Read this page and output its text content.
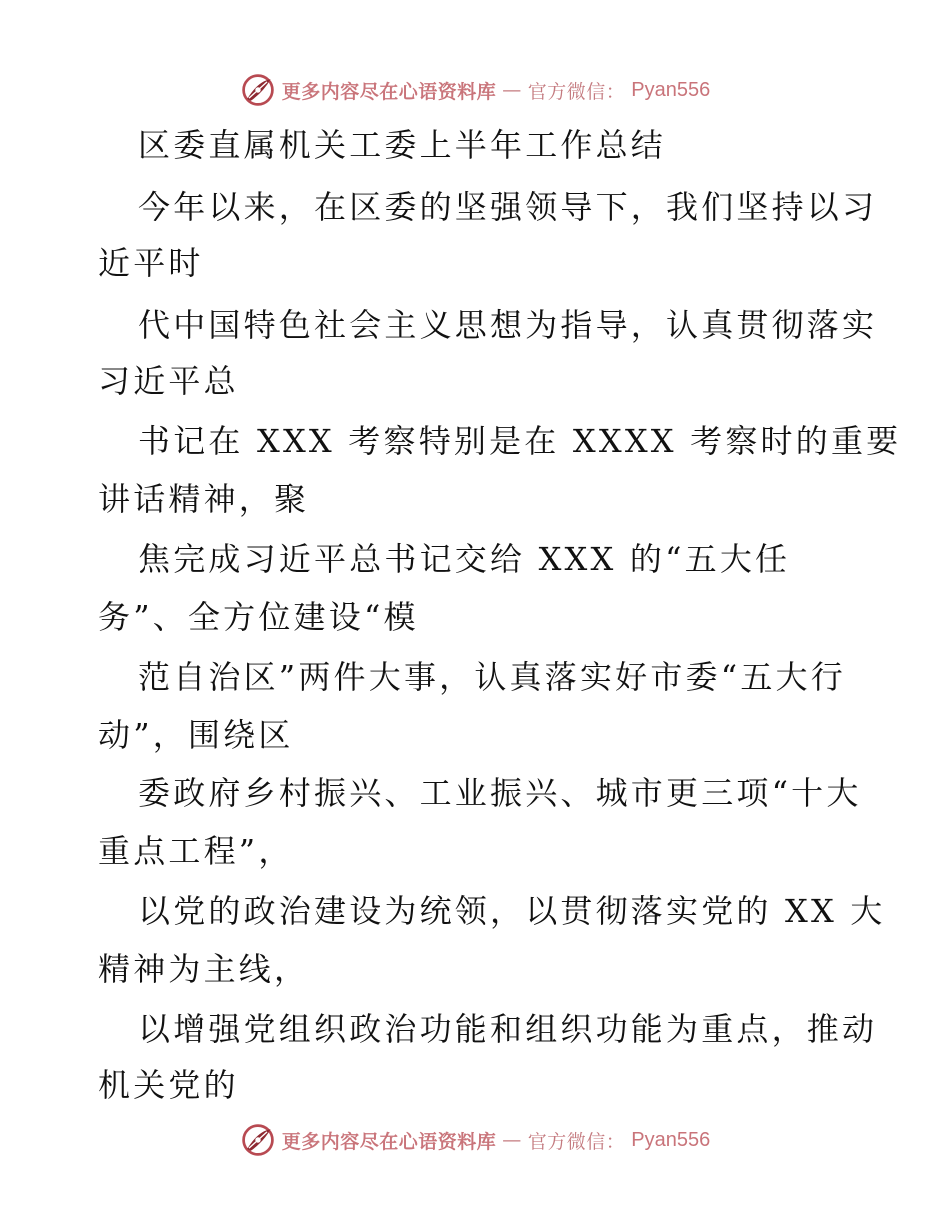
更多内容尽在心语资料库 — 官方微信： Pyan556
区委直属机关工委上半年工作总结
今年以来，在区委的坚强领导下，我们坚持以习
近平时
代中国特色社会主义思想为指导，认真贯彻落实
习近平总
书记在 XXX 考察特别是在 XXXX 考察时的重要
讲话精神，聚
焦完成习近平总书记交给 XXX 的“五大任
务”、全方位建设“模
范自治区”两件大事，认真落实好市委“五大行
动”，围绕区
委政府乡村振兴、工业振兴、城市更三项“十大
重点工程”，
以党的政治建设为统领，以贯彻落实党的 XX 大
精神为主线，
以增强党组织政治功能和组织功能为重点，推动
机关党的
更多内容尽在心语资料库 — 官方微信： Pyan556
